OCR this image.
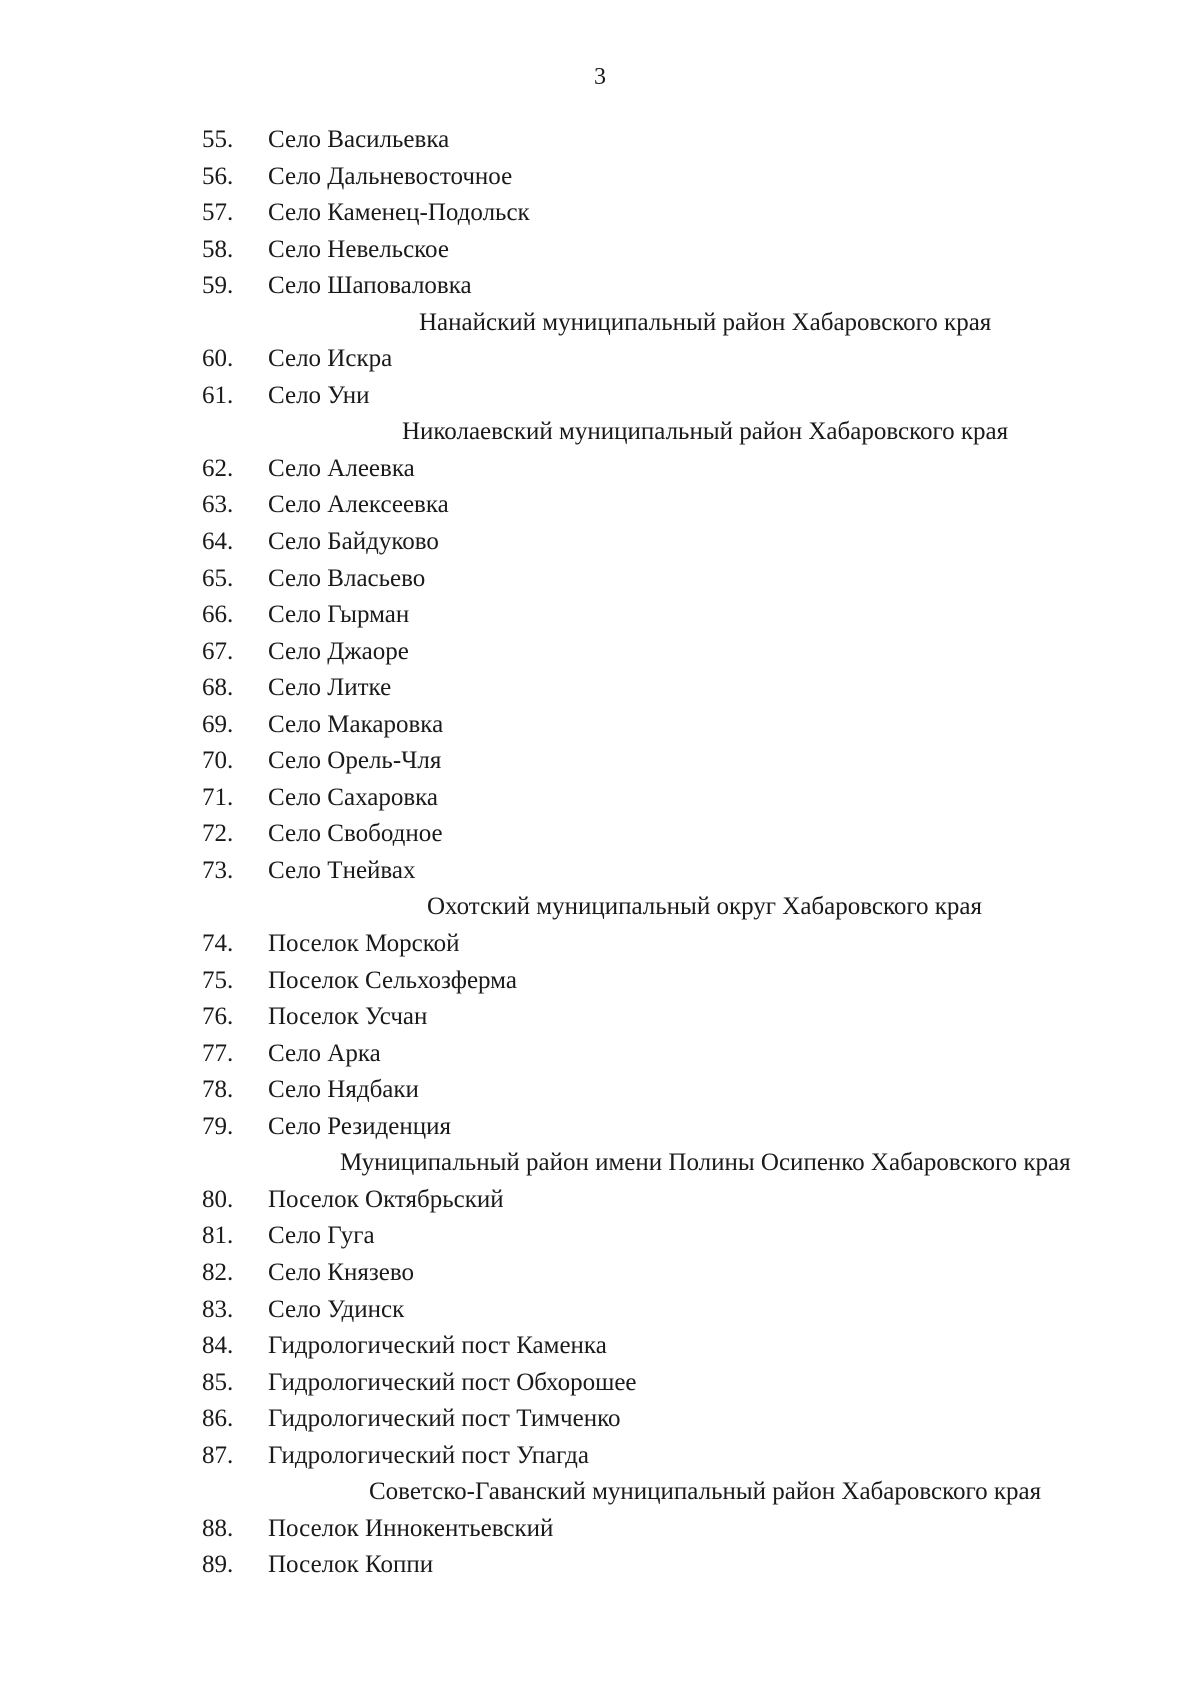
3
55. Село Васильевка
56. Село Дальневосточное
57. Село Каменец-Подольск
58. Село Невельское
59. Село Шаповаловка
Нанайский муниципальный район Хабаровского края
60. Село Искра
61. Село Уни
Николаевский муниципальный район Хабаровского края
62. Село Алеевка
63. Село Алексеевка
64. Село Байдуково
65. Село Власьево
66. Село Гырман
67. Село Джаоре
68. Село Литке
69. Село Макаровка
70. Село Орель-Чля
71. Село Сахаровка
72. Село Свободное
73. Село Тнейвах
Охотский муниципальный округ Хабаровского края
74. Поселок Морской
75. Поселок Сельхозферма
76. Поселок Усчан
77. Село Арка
78. Село Нядбаки
79. Село Резиденция
Муниципальный район имени Полины Осипенко Хабаровского края
80. Поселок Октябрьский
81. Село Гуга
82. Село Князево
83. Село Удинск
84. Гидрологический пост Каменка
85. Гидрологический пост Обхорошее
86. Гидрологический пост Тимченко
87. Гидрологический пост Упагда
Советско-Гаванский муниципальный район Хабаровского края
88. Поселок Иннокентьевский
89. Поселок Коппи
